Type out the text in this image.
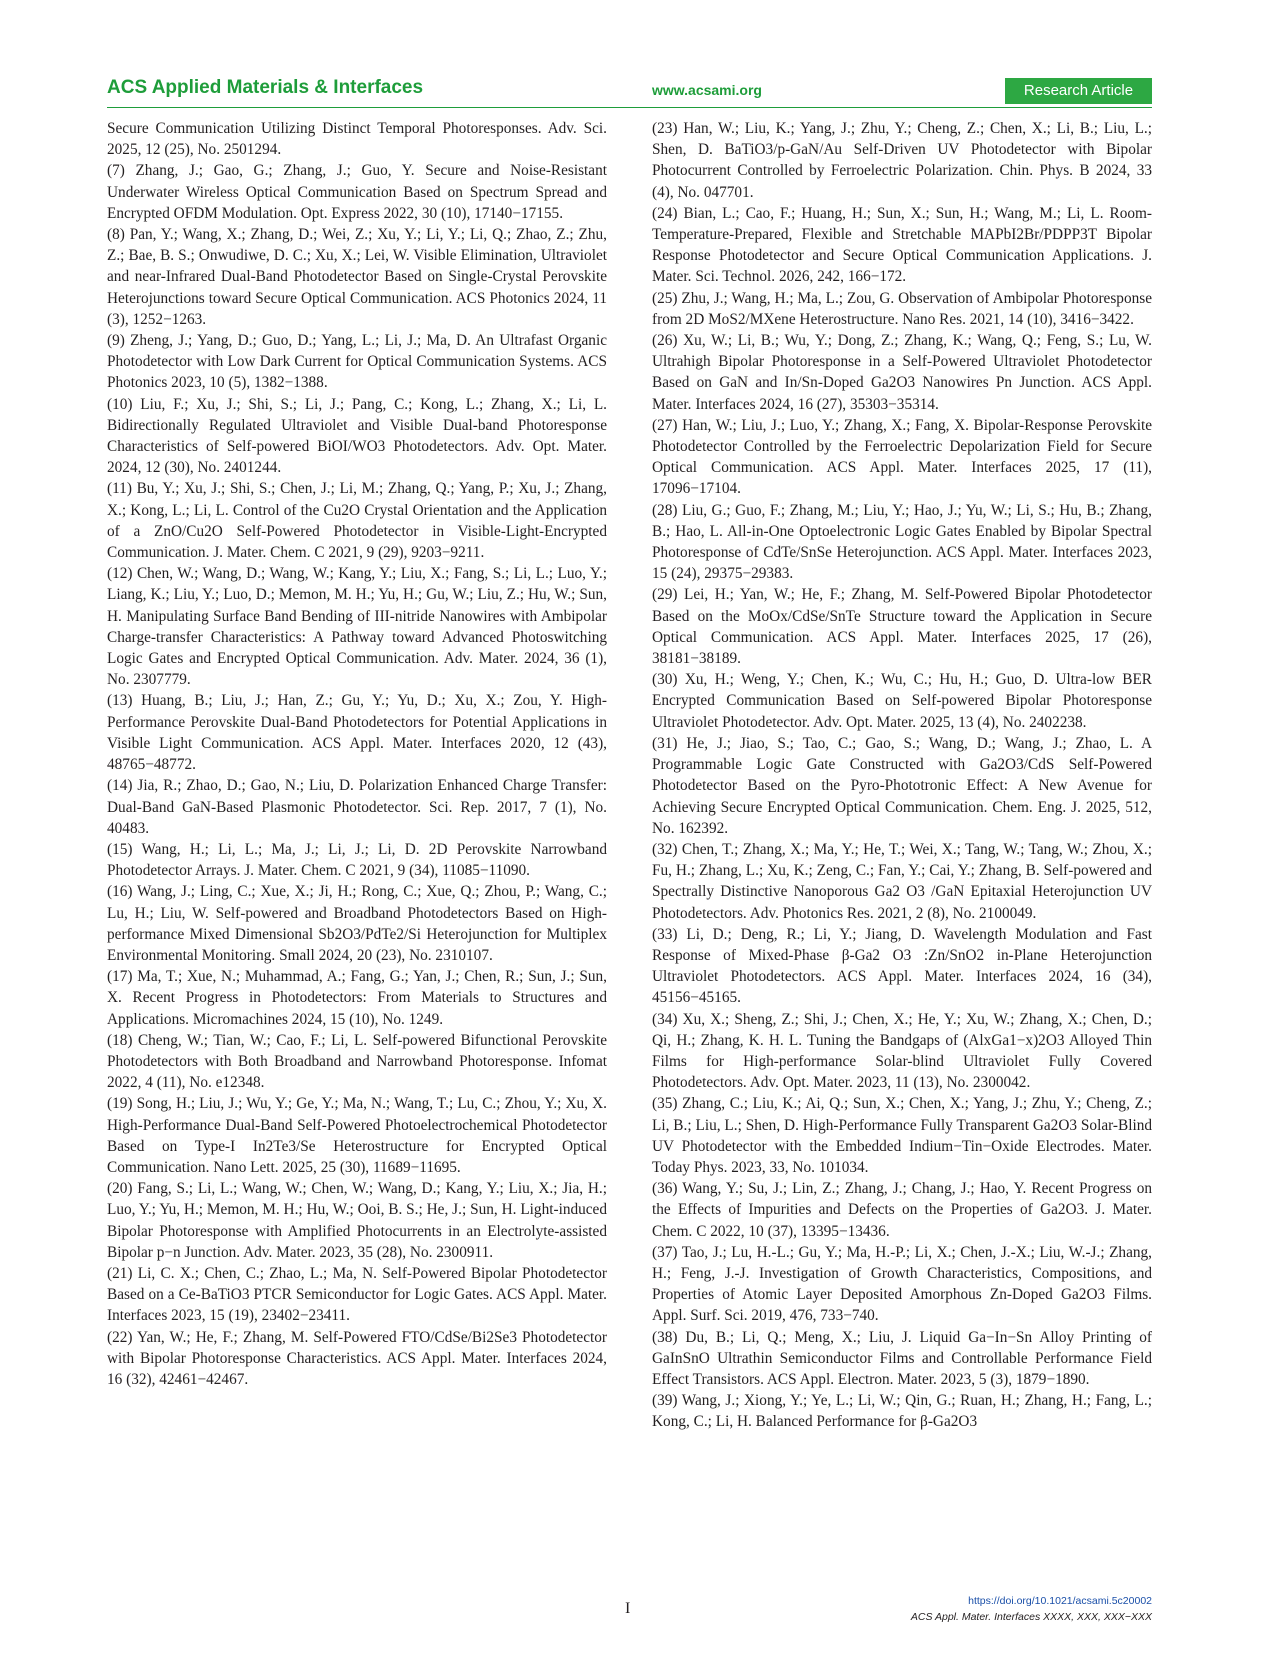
ACS Applied Materials & Interfaces	www.acsami.org	Research Article

Secure Communication Utilizing Distinct Temporal Photoresponses. Adv. Sci. 2025, 12 (25), No. 2501294.

(7) Zhang, J.; Gao, G.; Zhang, J.; Guo, Y. Secure and Noise-Resistant Underwater Wireless Optical Communication Based on Spectrum Spread and Encrypted OFDM Modulation. Opt. Express 2022, 30 (10), 17140−17155.

(8) Pan, Y.; Wang, X.; Zhang, D.; Wei, Z.; Xu, Y.; Li, Y.; Li, Q.; Zhao, Z.; Zhu, Z.; Bae, B. S.; Onwudiwe, D. C.; Xu, X.; Lei, W. Visible Elimination, Ultraviolet and near-Infrared Dual-Band Photodetector Based on Single-Crystal Perovskite Heterojunctions toward Secure Optical Communication. ACS Photonics 2024, 11 (3), 1252−1263.

(9) Zheng, J.; Yang, D.; Guo, D.; Yang, L.; Li, J.; Ma, D. An Ultrafast Organic Photodetector with Low Dark Current for Optical Communication Systems. ACS Photonics 2023, 10 (5), 1382−1388.

(10) Liu, F.; Xu, J.; Shi, S.; Li, J.; Pang, C.; Kong, L.; Zhang, X.; Li, L. Bidirectionally Regulated Ultraviolet and Visible Dual-band Photoresponse Characteristics of Self-powered BiOI/WO3 Photodetectors. Adv. Opt. Mater. 2024, 12 (30), No. 2401244.

(11) Bu, Y.; Xu, J.; Shi, S.; Chen, J.; Li, M.; Zhang, Q.; Yang, P.; Xu, J.; Zhang, X.; Kong, L.; Li, L. Control of the Cu2O Crystal Orientation and the Application of a ZnO/Cu2O Self-Powered Photodetector in Visible-Light-Encrypted Communication. J. Mater. Chem. C 2021, 9 (29), 9203−9211.

(12) Chen, W.; Wang, D.; Wang, W.; Kang, Y.; Liu, X.; Fang, S.; Li, L.; Luo, Y.; Liang, K.; Liu, Y.; Luo, D.; Memon, M. H.; Yu, H.; Gu, W.; Liu, Z.; Hu, W.; Sun, H. Manipulating Surface Band Bending of III-nitride Nanowires with Ambipolar Charge-transfer Characteristics: A Pathway toward Advanced Photoswitching Logic Gates and Encrypted Optical Communication. Adv. Mater. 2024, 36 (1), No. 2307779.

(13) Huang, B.; Liu, J.; Han, Z.; Gu, Y.; Yu, D.; Xu, X.; Zou, Y. High-Performance Perovskite Dual-Band Photodetectors for Potential Applications in Visible Light Communication. ACS Appl. Mater. Interfaces 2020, 12 (43), 48765−48772.

(14) Jia, R.; Zhao, D.; Gao, N.; Liu, D. Polarization Enhanced Charge Transfer: Dual-Band GaN-Based Plasmonic Photodetector. Sci. Rep. 2017, 7 (1), No. 40483.

(15) Wang, H.; Li, L.; Ma, J.; Li, J.; Li, D. 2D Perovskite Narrowband Photodetector Arrays. J. Mater. Chem. C 2021, 9 (34), 11085−11090.

(16) Wang, J.; Ling, C.; Xue, X.; Ji, H.; Rong, C.; Xue, Q.; Zhou, P.; Wang, C.; Lu, H.; Liu, W. Self-powered and Broadband Photodetectors Based on High-performance Mixed Dimensional Sb2O3/PdTe2/Si Heterojunction for Multiplex Environmental Monitoring. Small 2024, 20 (23), No. 2310107.

(17) Ma, T.; Xue, N.; Muhammad, A.; Fang, G.; Yan, J.; Chen, R.; Sun, J.; Sun, X. Recent Progress in Photodetectors: From Materials to Structures and Applications. Micromachines 2024, 15 (10), No. 1249.

(18) Cheng, W.; Tian, W.; Cao, F.; Li, L. Self-powered Bifunctional Perovskite Photodetectors with Both Broadband and Narrowband Photoresponse. Infomat 2022, 4 (11), No. e12348.

(19) Song, H.; Liu, J.; Wu, Y.; Ge, Y.; Ma, N.; Wang, T.; Lu, C.; Zhou, Y.; Xu, X. High-Performance Dual-Band Self-Powered Photoelectrochemical Photodetector Based on Type-I In2Te3/Se Heterostructure for Encrypted Optical Communication. Nano Lett. 2025, 25 (30), 11689−11695.

(20) Fang, S.; Li, L.; Wang, W.; Chen, W.; Wang, D.; Kang, Y.; Liu, X.; Jia, H.; Luo, Y.; Yu, H.; Memon, M. H.; Hu, W.; Ooi, B. S.; He, J.; Sun, H. Light-induced Bipolar Photoresponse with Amplified Photocurrents in an Electrolyte-assisted Bipolar p−n Junction. Adv. Mater. 2023, 35 (28), No. 2300911.

(21) Li, C. X.; Chen, C.; Zhao, L.; Ma, N. Self-Powered Bipolar Photodetector Based on a Ce-BaTiO3 PTCR Semiconductor for Logic Gates. ACS Appl. Mater. Interfaces 2023, 15 (19), 23402−23411.

(22) Yan, W.; He, F.; Zhang, M. Self-Powered FTO/CdSe/Bi2Se3 Photodetector with Bipolar Photoresponse Characteristics. ACS Appl. Mater. Interfaces 2024, 16 (32), 42461−42467.

(23) Han, W.; Liu, K.; Yang, J.; Zhu, Y.; Cheng, Z.; Chen, X.; Li, B.; Liu, L.; Shen, D. BaTiO3/p-GaN/Au Self-Driven UV Photodetector with Bipolar Photocurrent Controlled by Ferroelectric Polarization. Chin. Phys. B 2024, 33 (4), No. 047701.

(24) Bian, L.; Cao, F.; Huang, H.; Sun, X.; Sun, H.; Wang, M.; Li, L. Room-Temperature-Prepared, Flexible and Stretchable MAPbI2Br/PDPP3T Bipolar Response Photodetector and Secure Optical Communication Applications. J. Mater. Sci. Technol. 2026, 242, 166−172.

(25) Zhu, J.; Wang, H.; Ma, L.; Zou, G. Observation of Ambipolar Photoresponse from 2D MoS2/MXene Heterostructure. Nano Res. 2021, 14 (10), 3416−3422.

(26) Xu, W.; Li, B.; Wu, Y.; Dong, Z.; Zhang, K.; Wang, Q.; Feng, S.; Lu, W. Ultrahigh Bipolar Photoresponse in a Self-Powered Ultraviolet Photodetector Based on GaN and In/Sn-Doped Ga2O3 Nanowires Pn Junction. ACS Appl. Mater. Interfaces 2024, 16 (27), 35303−35314.

(27) Han, W.; Liu, J.; Luo, Y.; Zhang, X.; Fang, X. Bipolar-Response Perovskite Photodetector Controlled by the Ferroelectric Depolarization Field for Secure Optical Communication. ACS Appl. Mater. Interfaces 2025, 17 (11), 17096−17104.

(28) Liu, G.; Guo, F.; Zhang, M.; Liu, Y.; Hao, J.; Yu, W.; Li, S.; Hu, B.; Zhang, B.; Hao, L. All-in-One Optoelectronic Logic Gates Enabled by Bipolar Spectral Photoresponse of CdTe/SnSe Heterojunction. ACS Appl. Mater. Interfaces 2023, 15 (24), 29375−29383.

(29) Lei, H.; Yan, W.; He, F.; Zhang, M. Self-Powered Bipolar Photodetector Based on the MoOx/CdSe/SnTe Structure toward the Application in Secure Optical Communication. ACS Appl. Mater. Interfaces 2025, 17 (26), 38181−38189.

(30) Xu, H.; Weng, Y.; Chen, K.; Wu, C.; Hu, H.; Guo, D. Ultra-low BER Encrypted Communication Based on Self-powered Bipolar Photoresponse Ultraviolet Photodetector. Adv. Opt. Mater. 2025, 13 (4), No. 2402238.

(31) He, J.; Jiao, S.; Tao, C.; Gao, S.; Wang, D.; Wang, J.; Zhao, L. A Programmable Logic Gate Constructed with Ga2O3/CdS Self-Powered Photodetector Based on the Pyro-Phototronic Effect: A New Avenue for Achieving Secure Encrypted Optical Communication. Chem. Eng. J. 2025, 512, No. 162392.

(32) Chen, T.; Zhang, X.; Ma, Y.; He, T.; Wei, X.; Tang, W.; Tang, W.; Zhou, X.; Fu, H.; Zhang, L.; Xu, K.; Zeng, C.; Fan, Y.; Cai, Y.; Zhang, B. Self-powered and Spectrally Distinctive Nanoporous Ga2 O3 /GaN Epitaxial Heterojunction UV Photodetectors. Adv. Photonics Res. 2021, 2 (8), No. 2100049.

(33) Li, D.; Deng, R.; Li, Y.; Jiang, D. Wavelength Modulation and Fast Response of Mixed-Phase β-Ga2 O3 :Zn/SnO2 in-Plane Heterojunction Ultraviolet Photodetectors. ACS Appl. Mater. Interfaces 2024, 16 (34), 45156−45165.

(34) Xu, X.; Sheng, Z.; Shi, J.; Chen, X.; He, Y.; Xu, W.; Zhang, X.; Chen, D.; Qi, H.; Zhang, K. H. L. Tuning the Bandgaps of (AlxGa1−x)2O3 Alloyed Thin Films for High-performance Solar-blind Ultraviolet Fully Covered Photodetectors. Adv. Opt. Mater. 2023, 11 (13), No. 2300042.

(35) Zhang, C.; Liu, K.; Ai, Q.; Sun, X.; Chen, X.; Yang, J.; Zhu, Y.; Cheng, Z.; Li, B.; Liu, L.; Shen, D. High-Performance Fully Transparent Ga2O3 Solar-Blind UV Photodetector with the Embedded Indium−Tin−Oxide Electrodes. Mater. Today Phys. 2023, 33, No. 101034.

(36) Wang, Y.; Su, J.; Lin, Z.; Zhang, J.; Chang, J.; Hao, Y. Recent Progress on the Effects of Impurities and Defects on the Properties of Ga2O3. J. Mater. Chem. C 2022, 10 (37), 13395−13436.

(37) Tao, J.; Lu, H.-L.; Gu, Y.; Ma, H.-P.; Li, X.; Chen, J.-X.; Liu, W.-J.; Zhang, H.; Feng, J.-J. Investigation of Growth Characteristics, Compositions, and Properties of Atomic Layer Deposited Amorphous Zn-Doped Ga2O3 Films. Appl. Surf. Sci. 2019, 476, 733−740.

(38) Du, B.; Li, Q.; Meng, X.; Liu, J. Liquid Ga−In−Sn Alloy Printing of GaInSnO Ultrathin Semiconductor Films and Controllable Performance Field Effect Transistors. ACS Appl. Electron. Mater. 2023, 5 (3), 1879−1890.

(39) Wang, J.; Xiong, Y.; Ye, L.; Li, W.; Qin, G.; Ruan, H.; Zhang, H.; Fang, L.; Kong, C.; Li, H. Balanced Performance for β-Ga2O3

I	https://doi.org/10.1021/acsami.5c20002
ACS Appl. Mater. Interfaces XXXX, XXX, XXX−XXX
